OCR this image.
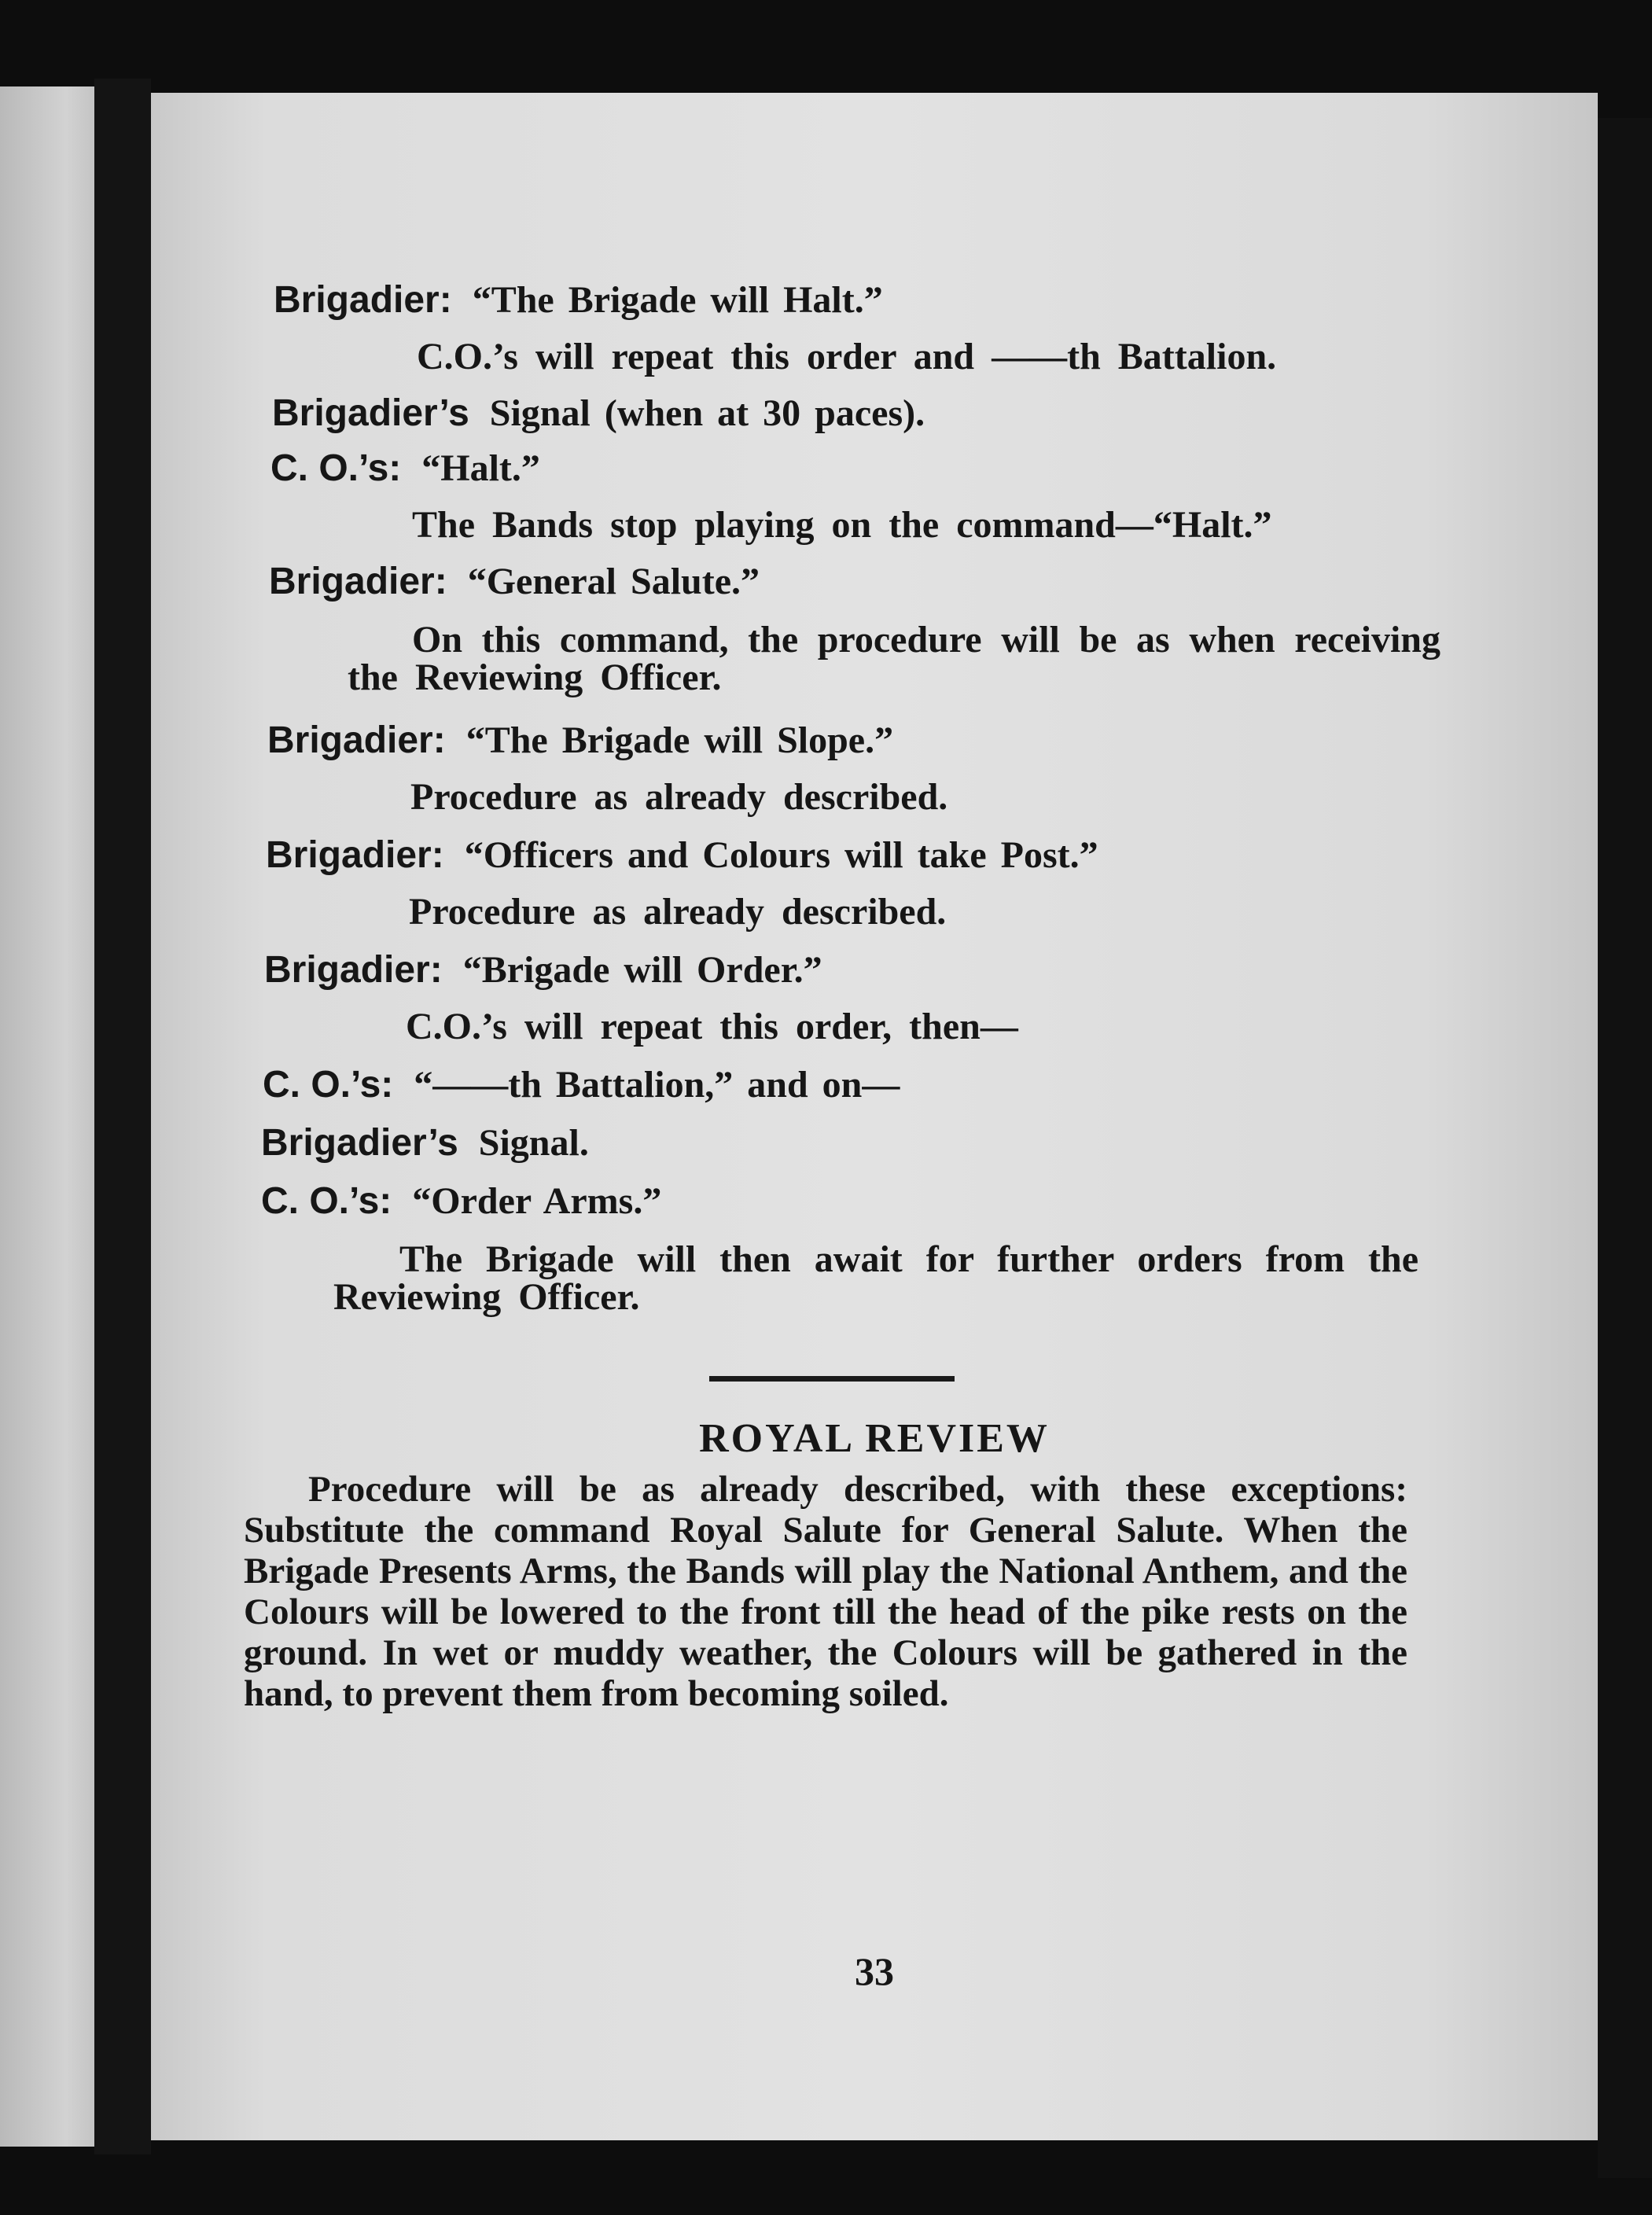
Brigadier: “The Brigade will Halt.”
C.O.’s will repeat this order and ——th Battalion.
Brigadier’s Signal (when at 30 paces).
C. O.’s: “Halt.”
The Bands stop playing on the command—“Halt.”
Brigadier: “General Salute.”
On this command, the procedure will be as when receiving the Reviewing Officer.
Brigadier: “The Brigade will Slope.”
Procedure as already described.
Brigadier: “Officers and Colours will take Post.”
Procedure as already described.
Brigadier: “Brigade will Order.”
C.O.’s will repeat this order, then—
C. O.’s: “——th Battalion,” and on—
Brigadier’s Signal.
C. O.’s: “Order Arms.”
The Brigade will then await for further orders from the Reviewing Officer.
ROYAL REVIEW
Procedure will be as already described, with these exceptions: Substitute the command Royal Salute for General Salute. When the Brigade Presents Arms, the Bands will play the National Anthem, and the Colours will be lowered to the front till the head of the pike rests on the ground. In wet or muddy weather, the Colours will be gathered in the hand, to prevent them from becoming soiled.
33
